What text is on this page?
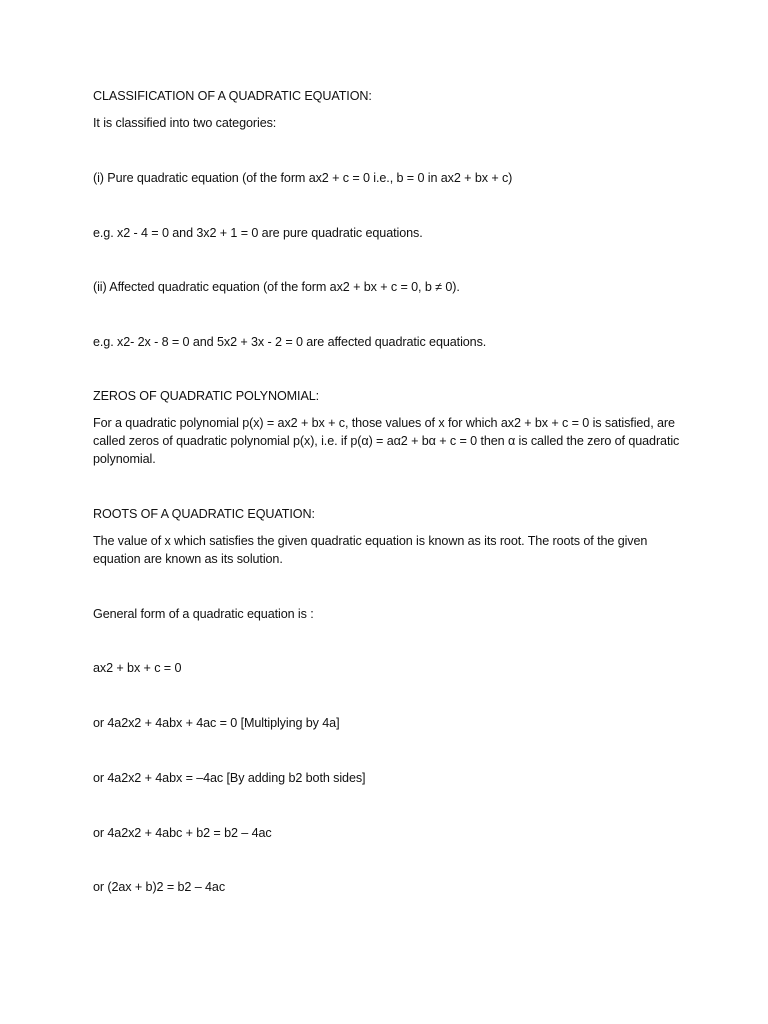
CLASSIFICATION OF A QUADRATIC EQUATION:
It is classified into two categories:
(i) Pure quadratic equation (of the form ax2 + c = 0 i.e., b = 0 in ax2 + bx + c)
e.g. x2 - 4 = 0 and 3x2 + 1 = 0 are pure quadratic equations.
(ii) Affected quadratic equation (of the form ax2 + bx + c = 0, b ≠ 0).
e.g. x2- 2x - 8 = 0 and 5x2 + 3x - 2 = 0 are affected quadratic equations.
ZEROS OF QUADRATIC POLYNOMIAL:
For a quadratic polynomial p(x) = ax2 + bx + c, those values of x for which ax2 + bx + c = 0 is satisfied, are called zeros of quadratic polynomial p(x), i.e. if p(α) = aα2 + bα + c = 0 then α is called the zero of quadratic polynomial.
ROOTS OF A QUADRATIC EQUATION:
The value of x which satisfies the given quadratic equation is known as its root. The roots of the given equation are known as its solution.
General form of a quadratic equation is :
ax2 + bx + c = 0
or 4a2x2 + 4abx + 4ac = 0 [Multiplying by 4a]
or 4a2x2 + 4abx = –4ac [By adding b2 both sides]
or 4a2x2 + 4abc + b2 = b2 – 4ac
or (2ax + b)2 = b2 – 4ac
